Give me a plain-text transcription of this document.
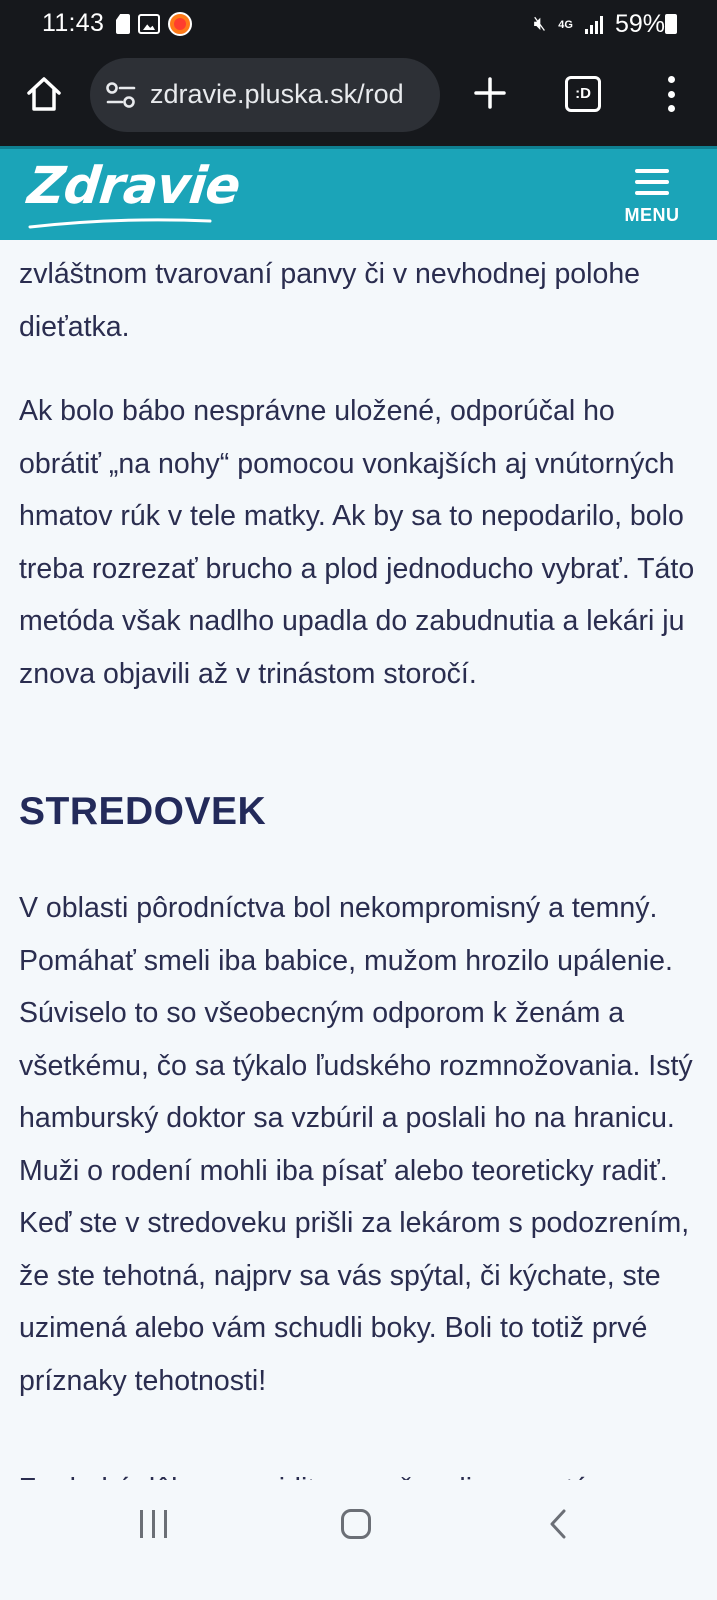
11:43	🔇︎ 4G 59%
zdravie.pluska.sk/rod	:D
Zdravie	MENU

zvláštnom tvarovaní panvy či v nevhodnej polohe dieťatka.

Ak bolo bábo nesprávne uložené, odporúčal ho obrátiť „na nohy“ pomocou vonkajších aj vnútorných hmatov rúk v tele matky. Ak by sa to nepodarilo, bolo treba rozrezať brucho a plod jednoducho vybrať. Táto metóda však nadlho upadla do zabudnutia a lekári ju znova objavili až v trinástom storočí.

STREDOVEK

V oblasti pôrodníctva bol nekompromisný a temný. Pomáhať smeli iba babice, mužom hrozilo upálenie. Súviselo to so všeobecným odporom k ženám a všetkému, čo sa týkalo ľudského rozmnožovania. Istý hamburský doktor sa vzbúril a poslali ho na hranicu. Muži o rodení mohli iba písať alebo teoreticky radiť. Keď ste v stredoveku prišli za lekárom s podozrením, že ste tehotná, najprv sa vás spýtal, či kýchate, ste uzimená alebo vám schudli boky. Boli to totiž prvé príznaky tehotnosti!
